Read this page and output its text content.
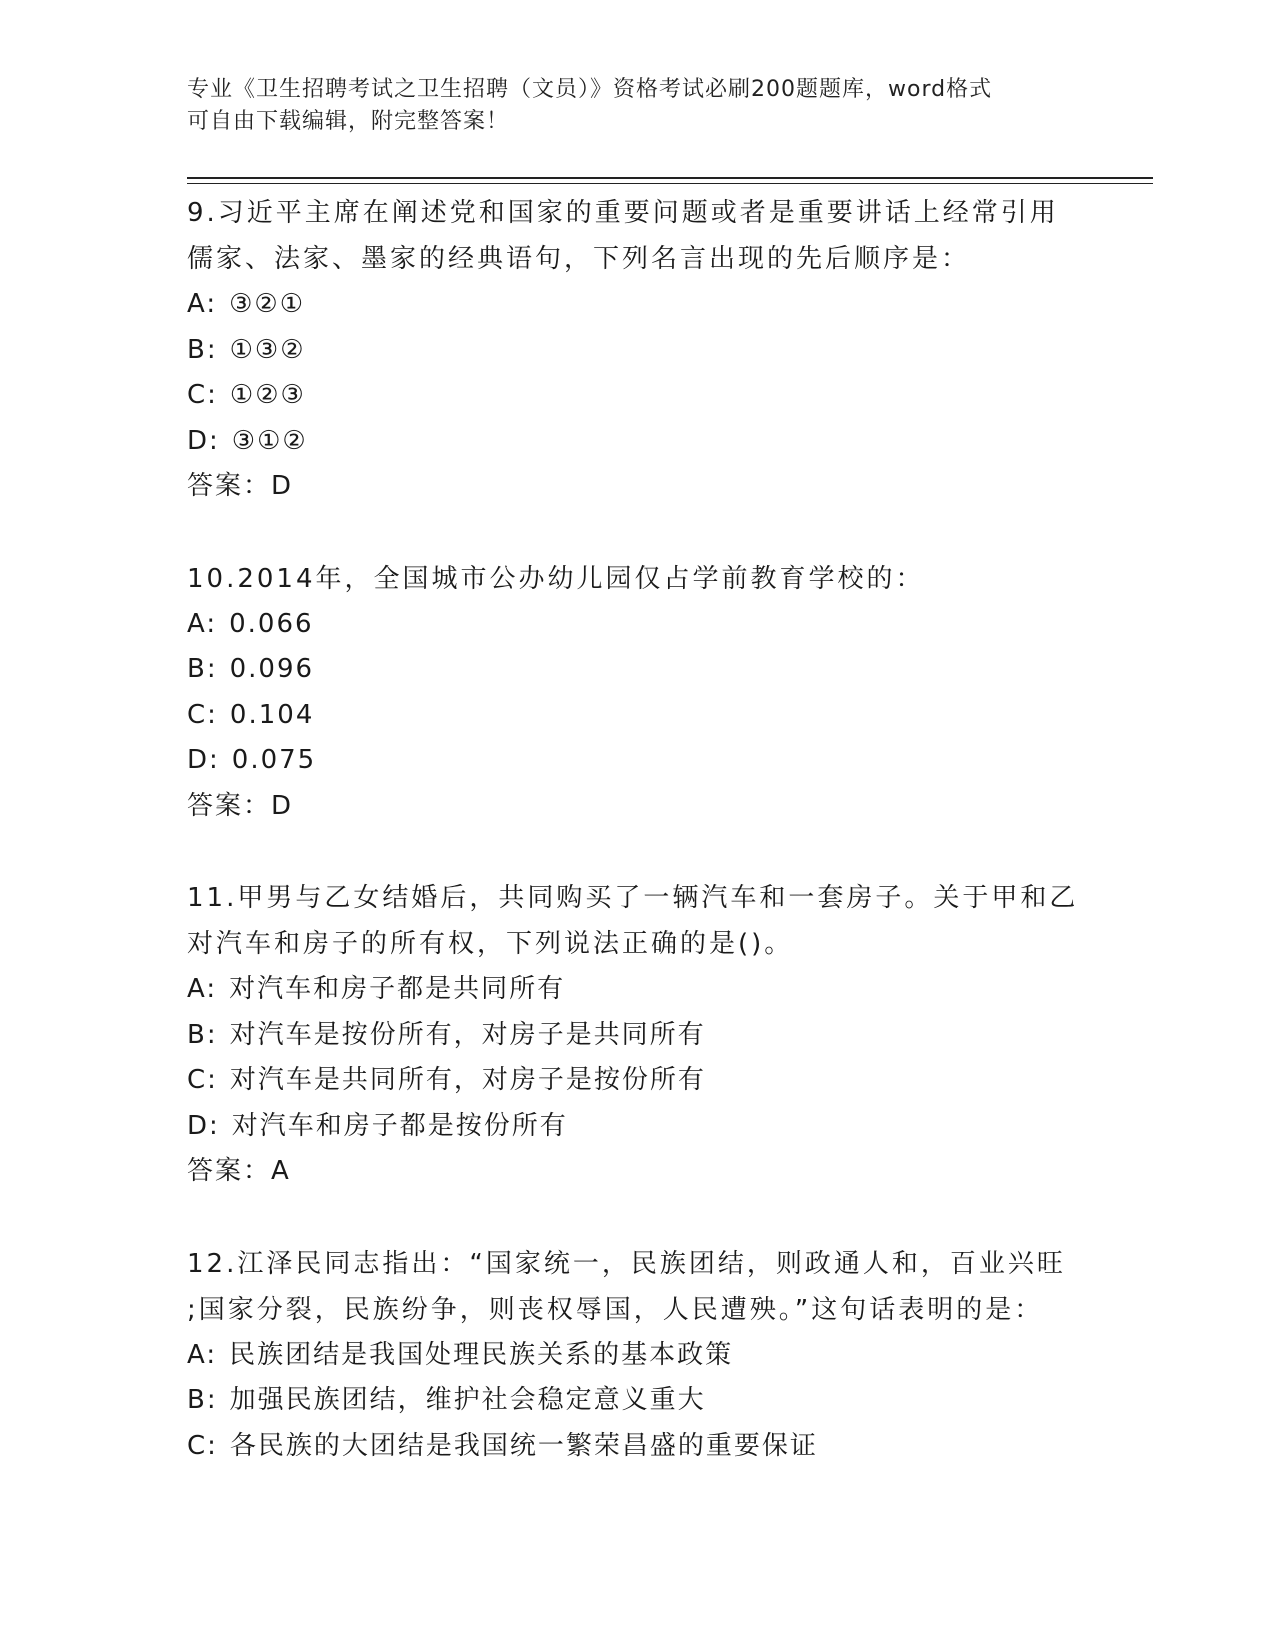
专业《卫生招聘考试之卫生招聘（文员）》资格考试必刷200题题库，word格式
可自由下载编辑，附完整答案！
9.习近平主席在阐述党和国家的重要问题或者是重要讲话上经常引用
儒家、法家、墨家的经典语句，下列名言出现的先后顺序是：
A: ③②①
B: ①③②
C: ①②③
D: ③①②
答案：D
10.2014年，全国城市公办幼儿园仅占学前教育学校的：
A: 0.066
B: 0.096
C: 0.104
D: 0.075
答案：D
11.甲男与乙女结婚后，共同购买了一辆汽车和一套房子。关于甲和乙
对汽车和房子的所有权，下列说法正确的是()。
A: 对汽车和房子都是共同所有
B: 对汽车是按份所有，对房子是共同所有
C: 对汽车是共同所有，对房子是按份所有
D: 对汽车和房子都是按份所有
答案：A
12.江泽民同志指出：“国家统一，民族团结，则政通人和，百业兴旺
;国家分裂，民族纷争，则丧权辱国，人民遭殃。”这句话表明的是：
A: 民族团结是我国处理民族关系的基本政策
B: 加强民族团结，维护社会稳定意义重大
C: 各民族的大团结是我国统一繁荣昌盛的重要保证
